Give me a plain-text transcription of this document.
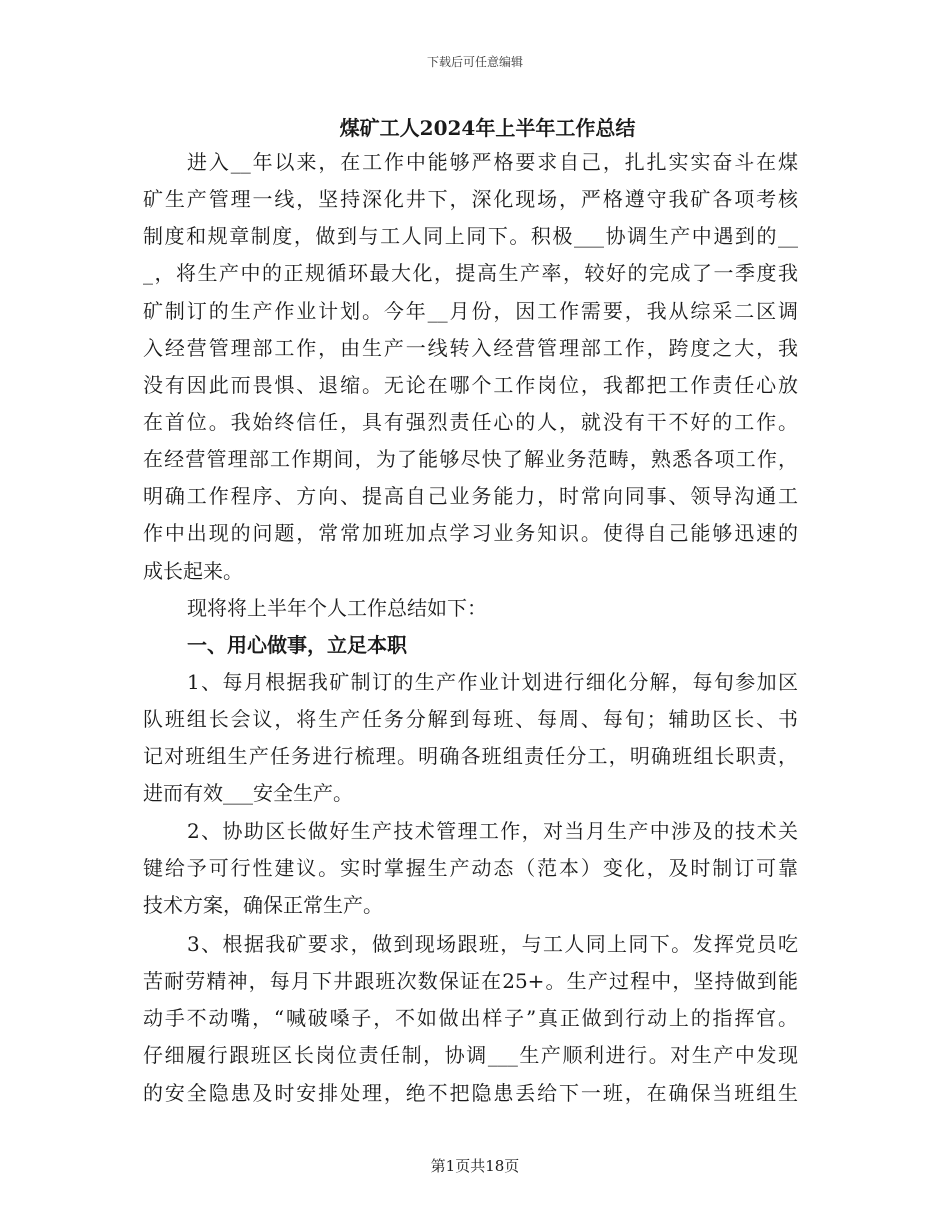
下载后可任意编辑
煤矿工人2024年上半年工作总结
进入__年以来，在工作中能够严格要求自己，扎扎实实奋斗在煤
矿生产管理一线，坚持深化井下，深化现场，严格遵守我矿各项考核
制度和规章制度，做到与工人同上同下。积极___协调生产中遇到的__
_，将生产中的正规循环最大化，提高生产率，较好的完成了一季度我
矿制订的生产作业计划。今年__月份，因工作需要，我从综采二区调
入经营管理部工作，由生产一线转入经营管理部工作，跨度之大，我
没有因此而畏惧、退缩。无论在哪个工作岗位，我都把工作责任心放
在首位。我始终信任，具有强烈责任心的人，就没有干不好的工作。
在经营管理部工作期间，为了能够尽快了解业务范畴，熟悉各项工作，
明确工作程序、方向、提高自己业务能力，时常向同事、领导沟通工
作中出现的问题，常常加班加点学习业务知识。使得自己能够迅速的
成长起来。
现将将上半年个人工作总结如下：
一、用心做事，立足本职
1、每月根据我矿制订的生产作业计划进行细化分解，每旬参加区
队班组长会议，将生产任务分解到每班、每周、每旬；辅助区长、书
记对班组生产任务进行梳理。明确各班组责任分工，明确班组长职责，
进而有效___安全生产。
2、协助区长做好生产技术管理工作，对当月生产中涉及的技术关
键给予可行性建议。实时掌握生产动态（范本）变化，及时制订可靠
技术方案，确保正常生产。
3、根据我矿要求，做到现场跟班，与工人同上同下。发挥党员吃
苦耐劳精神，每月下井跟班次数保证在25+。生产过程中，坚持做到能
动手不动嘴，“喊破嗓子，不如做出样子”真正做到行动上的指挥官。
仔细履行跟班区长岗位责任制，协调___生产顺利进行。对生产中发现
的安全隐患及时安排处理，绝不把隐患丢给下一班，在确保当班组生
第1页共18页
